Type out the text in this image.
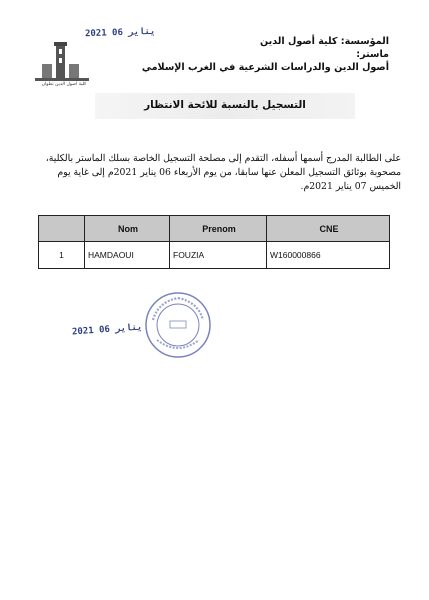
2021 يناير 06
كلية أصول الدين تطوان
المؤسسة: كلية أصول الدين
ماستر:
أصول الدين والدراسات الشرعية في الغرب الإسلامي
التسجيل بالنسبة للائحة الانتظار
على الطالبة المدرج أسمها أسفله، التقدم إلى مصلحة التسجيل الخاصة بسلك الماستر بالكلية، مصحوبة بوثائق التسجيل المعلن عنها سابقا، من يوم الأربعاء 06 يناير 2021م إلى غاية يوم الخميس 07 يناير 2021م.
	Nom	Prenom	CNE
1	HAMDAOUI	FOUZIA	W160000866
2021 يناير 06
